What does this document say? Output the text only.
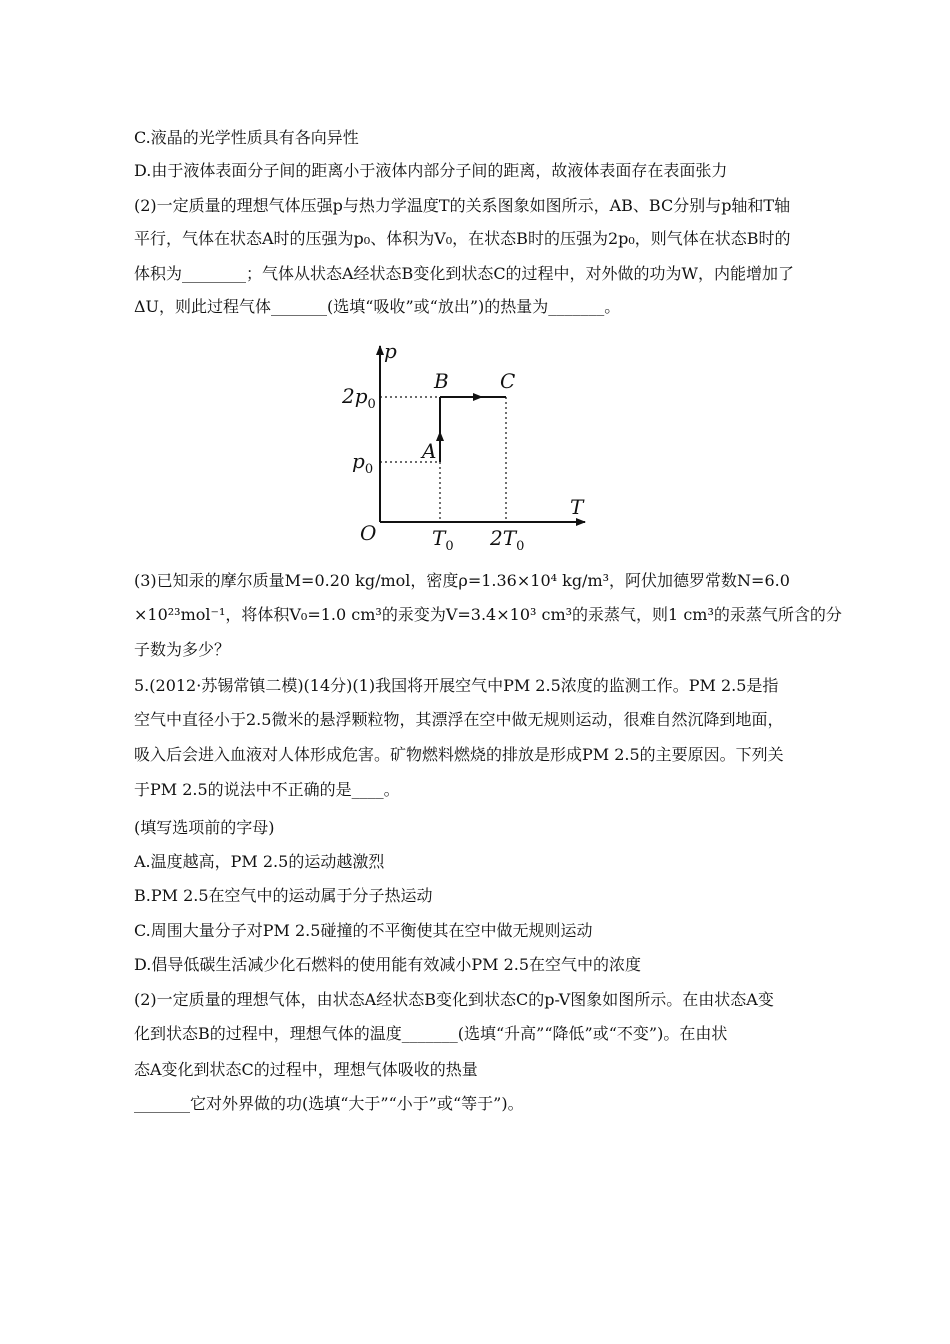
C.液晶的光学性质具有各向异性
D.由于液体表面分子间的距离小于液体内部分子间的距离，故液体表面存在表面张力
(2)一定质量的理想气体压强p与热力学温度T的关系图象如图所示，AB、BC分别与p轴和T轴
平行，气体在状态A时的压强为p₀、体积为V₀，在状态B时的压强为2p₀，则气体在状态B时的
体积为________；气体从状态A经状态B变化到状态C的过程中，对外做的功为W，内能增加了
ΔU，则此过程气体_______(选填“吸收”或“放出”)的热量为_______。
(3)已知汞的摩尔质量M=0.20 kg/mol，密度ρ=1.36×10⁴ kg/m³，阿伏加德罗常数N=6.0
×10²³mol⁻¹，将体积V₀=1.0 cm³的汞变为V=3.4×10³ cm³的汞蒸气，则1 cm³的汞蒸气所含的分
子数为多少？
5.(2012·苏锡常镇二模)(14分)(1)我国将开展空气中PM 2.5浓度的监测工作。PM 2.5是指
空气中直径小于2.5微米的悬浮颗粒物，其漂浮在空中做无规则运动，很难自然沉降到地面，
吸入后会进入血液对人体形成危害。矿物燃料燃烧的排放是形成PM 2.5的主要原因。下列关
于PM 2.5的说法中不正确的是____。
(填写选项前的字母)
A.温度越高，PM 2.5的运动越激烈
B.PM 2.5在空气中的运动属于分子热运动
C.周围大量分子对PM 2.5碰撞的不平衡使其在空中做无规则运动
D.倡导低碳生活减少化石燃料的使用能有效减小PM 2.5在空气中的浓度
(2)一定质量的理想气体，由状态A经状态B变化到状态C的p-V图象如图所示。在由状态A变
化到状态B的过程中，理想气体的温度_______(选填“升高”“降低”或“不变”)。在由状
态A变化到状态C的过程中，理想气体吸收的热量
_______它对外界做的功(选填“大于”“小于”或“等于”)。
p
T
O
$2p_0$
$p_0$
$T_0$ $2T_0$
A
B	C
